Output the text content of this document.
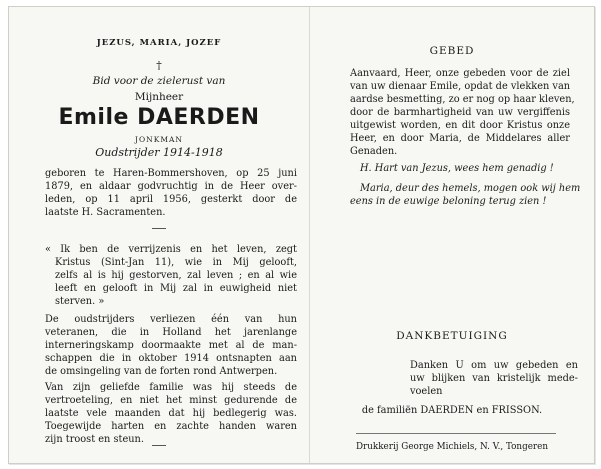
JEZUS, MARIA, JOZEF
†
Bid voor de zielerust van
Mijnheer
Emile DAERDEN
JONKMAN
Oudstrijder 1914-1918
geboren te Haren-Bommershoven, op 25 juni
1879, en aldaar godvruchtig in de Heer over-
leden, op 11 april 1956, gesterkt door de
laatste H. Sacramenten.
« Ik ben de verrijzenis en het leven, zegt
Kristus (Sint-Jan 11), wie in Mij gelooft,
zelfs al is hij gestorven, zal leven ; en al wie
leeft en gelooft in Mij zal in euwigheid niet
sterven. »
De oudstrijders verliezen één van hun
veteranen, die in Holland het jarenlange
interneringskamp doormaakte met al de man-
schappen die in oktober 1914 ontsnapten aan
de omsingeling van de forten rond Antwerpen.
Van zijn geliefde familie was hij steeds de
vertroeteling, en niet het minst gedurende de
laatste vele maanden dat hij bedlegerig was.
Toegewijde harten en zachte handen waren
zijn troost en steun.
GEBED
Aanvaard, Heer, onze gebeden voor de ziel
van uw dienaar Emile, opdat de vlekken van
aardse besmetting, zo er nog op haar kleven,
door de barmhartigheid van uw vergiffenis
uitgewist worden, en dit door Kristus onze
Heer, en door Maria, de Middelares aller
Genaden.
H. Hart van Jezus, wees hem genadig !
Maria, deur des hemels, mogen ook wij hem
eens in de euwige beloning terug zien !
DANKBETUIGING
Danken U om uw gebeden en
uw blijken van kristelijk mede-
voelen
de familiën DAERDEN en FRISSON.
Drukkerij George Michiels, N. V., Tongeren
